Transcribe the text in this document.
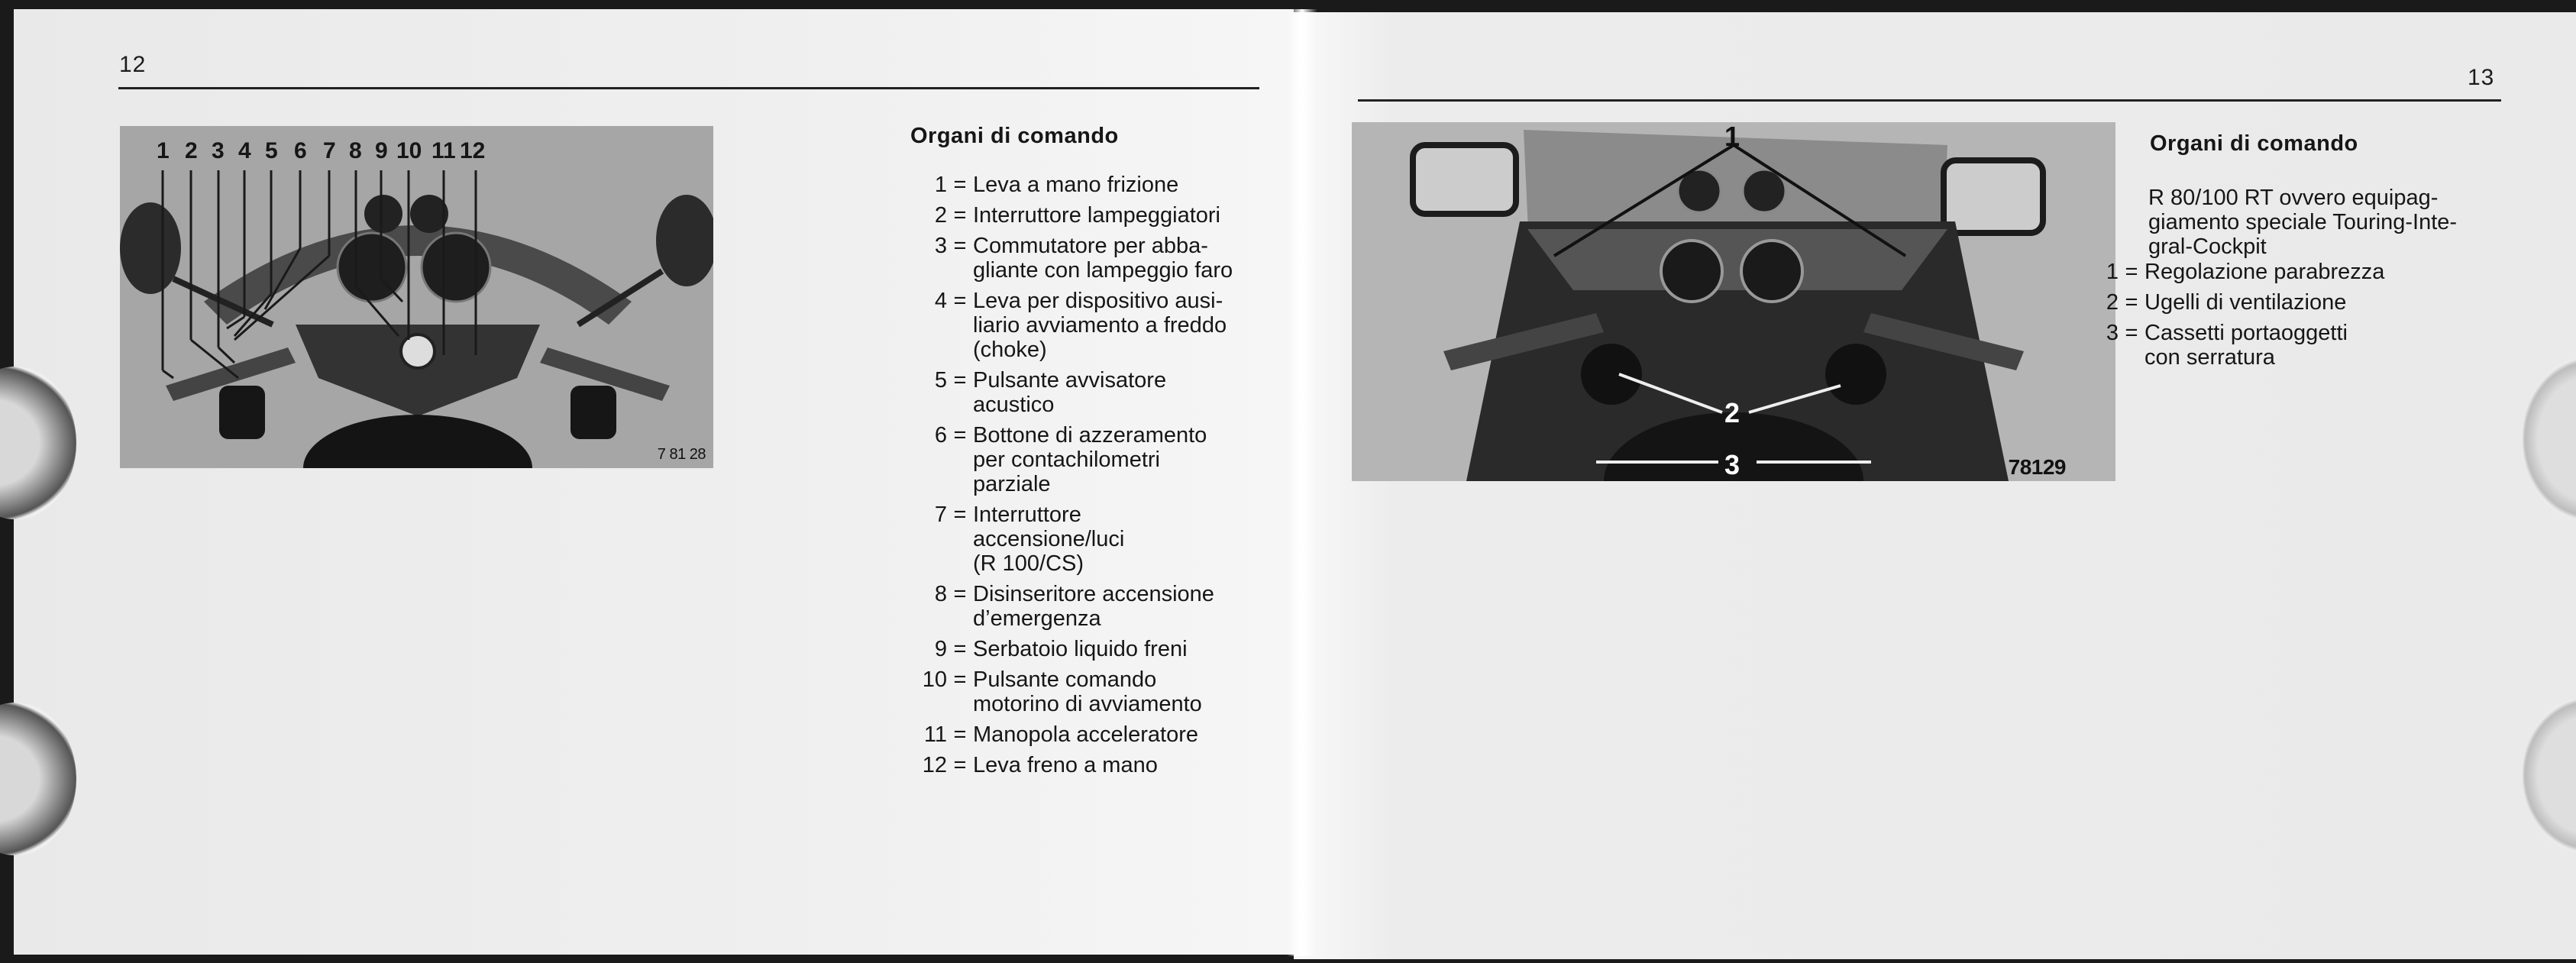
12
1 2 3 4 5 6 7 8 9 10 11 12
7 81 28
Organi di comando
1 = Leva a mano frizione
2 = Interruttore lampeggiatori
3 = Commutatore per abba-
gliante con lampeggio faro
4 = Leva per dispositivo ausi-
liario avviamento a freddo
(choke)
5 = Pulsante avvisatore
acustico
6 = Bottone di azzeramento
per contachilometri
parziale
7 = Interruttore
accensione/luci
(R 100/CS)
8 = Disinseritore accensione
d’emergenza
9 = Serbatoio liquido freni
10 = Pulsante comando
motorino di avviamento
11 = Manopola acceleratore
12 = Leva freno a mano
13
1
2
3	78129
Organi di comando
R 80/100 RT ovvero equipag-
giamento speciale Touring-Inte-
gral-Cockpit
1 = Regolazione parabrezza
2 = Ugelli di ventilazione
3 = Cassetti portaoggetti
con serratura
